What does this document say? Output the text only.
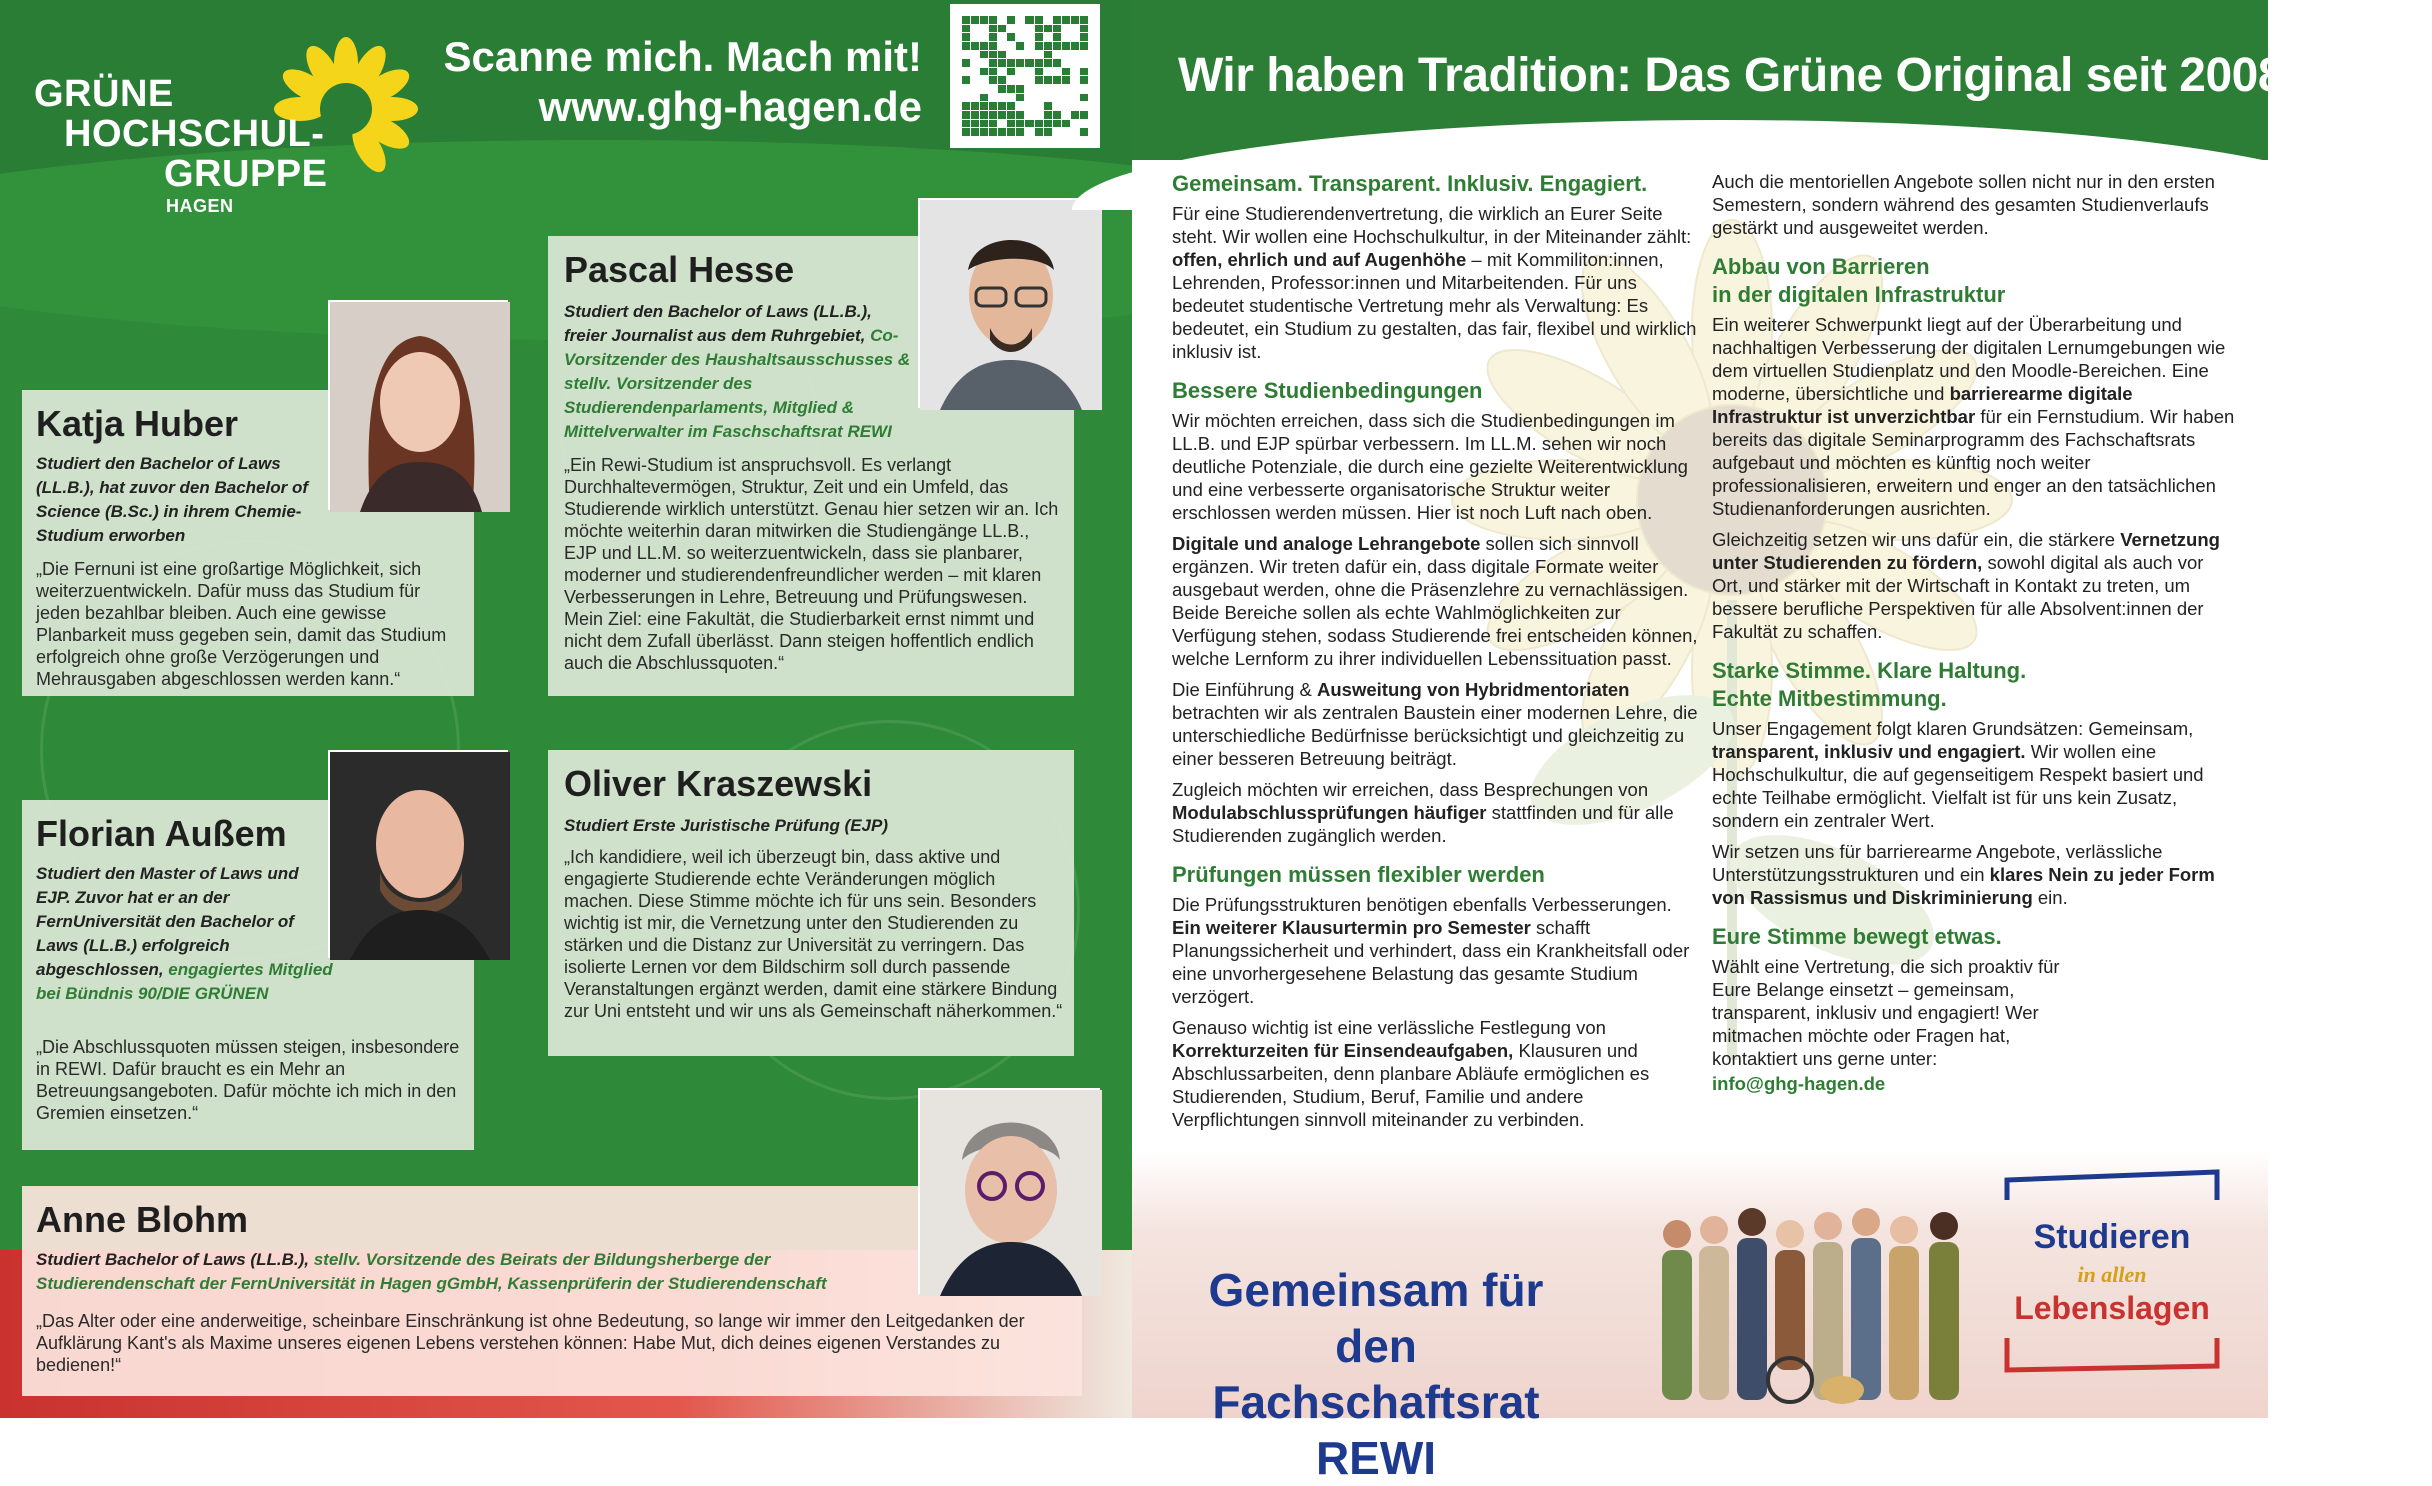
GRÜNE
HOCHSCHUL-
GRUPPE
HAGEN
Scanne mich. Mach mit!
www.ghg-hagen.de
Katja Huber
Studiert den Bachelor of Laws (LL.B.), hat zuvor den Bachelor of Science (B.Sc.) in ihrem Chemie-Studium erworben
„Die Fernuni ist eine großartige Möglichkeit, sich weiterzuentwickeln. Dafür muss das Studium für jeden bezahlbar bleiben. Auch eine gewisse Planbarkeit muss gegeben sein, damit das Studium erfolgreich ohne große Verzögerungen und Mehrausgaben abgeschlossen werden kann.“
Pascal Hesse
Studiert den Bachelor of Laws (LL.B.), freier Journalist aus dem Ruhrgebiet, Co-Vorsitzender des Haushaltsausschusses & stellv. Vorsitzender des Studierendenparlaments, Mitglied & Mittelverwalter im Faschschaftsrat REWI
„Ein Rewi-Studium ist anspruchsvoll. Es verlangt Durchhaltevermögen, Struktur, Zeit und ein Umfeld, das Studierende wirklich unterstützt. Genau hier setzen wir an. Ich möchte weiterhin daran mitwirken die Studiengänge LL.B., EJP und LL.M. so weiterzuentwickeln, dass sie planbarer, moderner und studierendenfreundlicher werden – mit klaren Verbesserungen in Lehre, Betreuung und Prüfungswesen. Mein Ziel: eine Fakultät, die Studierbarkeit ernst nimmt und nicht dem Zufall überlässt. Dann steigen hoffentlich endlich auch die Abschlussquoten.“
Florian Außem
Studiert den Master of Laws und EJP. Zuvor hat er an der FernUniversität den Bachelor of Laws (LL.B.) erfolgreich abgeschlossen, engagiertes Mitglied bei Bündnis 90/DIE GRÜNEN
„Die Abschlussquoten müssen steigen, insbesondere in REWI. Dafür braucht es ein Mehr an Betreuungsangeboten. Dafür möchte ich mich in den Gremien einsetzen.“
Oliver Kraszewski
Studiert Erste Juristische Prüfung (EJP)
„Ich kandidiere, weil ich überzeugt bin, dass aktive und engagierte Studierende echte Veränderungen möglich machen. Diese Stimme möchte ich für uns sein. Besonders wichtig ist mir, die Vernetzung unter den Studierenden zu stärken und die Distanz zur Universität zu verringern. Das isolierte Lernen vor dem Bildschirm soll durch passende Veranstaltungen ergänzt werden, damit eine stärkere Bindung zur Uni entsteht und wir uns als Gemeinschaft näherkommen.“
Anne Blohm
Studiert Bachelor of Laws (LL.B.), stellv. Vorsitzende des Beirats der Bildungsherberge der Studierendenschaft der FernUniversität in Hagen gGmbH, Kassenprüferin der Studierendenschaft
„Das Alter oder eine anderweitige, scheinbare Einschränkung ist ohne Bedeutung, so lange wir immer den Leitgedanken der Aufklärung Kant's als Maxime unseres eigenen Lebens verstehen können: Habe Mut, dich deines eigenen Verstandes zu bedienen!“
Wir haben Tradition: Das Grüne Original seit 2008
Gemeinsam. Transparent. Inklusiv. Engagiert.

Für eine Studierendenvertretung, die wirklich an Eurer Seite steht. Wir wollen eine Hochschulkultur, in der Miteinander zählt: offen, ehrlich und auf Augenhöhe – mit Kommiliton:innen, Lehrenden, Professor:innen und Mitarbeitenden. Für uns bedeutet studentische Vertretung mehr als Verwaltung: Es bedeutet, ein Studium zu gestalten, das fair, flexibel und wirklich inklusiv ist.

Bessere Studienbedingungen

Wir möchten erreichen, dass sich die Studienbedingungen im LL.B. und EJP spürbar verbessern. Im LL.M. sehen wir noch deutliche Potenziale, die durch eine gezielte Weiterentwicklung und eine verbesserte organisatorische Struktur weiter erschlossen werden müssen. Hier ist noch Luft nach oben.

Digitale und analoge Lehrangebote sollen sich sinnvoll ergänzen. Wir treten dafür ein, dass digitale Formate weiter ausgebaut werden, ohne die Präsenzlehre zu vernachlässigen. Beide Bereiche sollen als echte Wahlmöglichkeiten zur Verfügung stehen, sodass Studierende frei entscheiden können, welche Lernform zu ihrer individuellen Lebenssituation passt.

Die Einführung & Ausweitung von Hybridmentoriaten betrachten wir als zentralen Baustein einer modernen Lehre, die unterschiedliche Bedürfnisse berücksichtigt und gleichzeitig zu einer besseren Betreuung beiträgt.

Zugleich möchten wir erreichen, dass Besprechungen von Modulabschlussprüfungen häufiger stattfinden und für alle Studierenden zugänglich werden.

Prüfungen müssen flexibler werden

Die Prüfungsstrukturen benötigen ebenfalls Verbesserungen. Ein weiterer Klausurtermin pro Semester schafft Planungssicherheit und verhindert, dass ein Krankheitsfall oder eine unvorhergesehene Belastung das gesamte Studium verzögert.

Genauso wichtig ist eine verlässliche Festlegung von Korrekturzeiten für Einsendeaufgaben, Klausuren und Abschlussarbeiten, denn planbare Abläufe ermöglichen es Studierenden, Studium, Beruf, Familie und andere Verpflichtungen sinnvoll miteinander zu verbinden.

Auch die mentoriellen Angebote sollen nicht nur in den ersten Semestern, sondern während des gesamten Studienverlaufs gestärkt und ausgeweitet werden.

Abbau von Barrieren
in der digitalen Infrastruktur

Ein weiterer Schwerpunkt liegt auf der Überarbeitung und nachhaltigen Verbesserung der digitalen Lernumgebungen wie dem virtuellen Studienplatz und den Moodle-Bereichen. Eine moderne, übersichtliche und barrierearme digitale Infrastruktur ist unverzichtbar für ein Fernstudium. Wir haben bereits das digitale Seminarprogramm des Fachschaftsrats aufgebaut und möchten es künftig noch weiter professionalisieren, erweitern und enger an den tatsächlichen Studienanforderungen ausrichten.

Gleichzeitig setzen wir uns dafür ein, die stärkere Vernetzung unter Studierenden zu fördern, sowohl digital als auch vor Ort, und stärker mit der Wirtschaft in Kontakt zu treten, um bessere berufliche Perspektiven für alle Absolvent:innen der Fakultät zu schaffen.

Starke Stimme. Klare Haltung.
Echte Mitbestimmung.

Unser Engagement folgt klaren Grundsätzen: Gemeinsam, transparent, inklusiv und engagiert. Wir wollen eine Hochschulkultur, die auf gegenseitigem Respekt basiert und echte Teilhabe ermöglicht. Vielfalt ist für uns kein Zusatz, sondern ein zentraler Wert.

Wir setzen uns für barrierearme Angebote, verlässliche Unterstützungsstrukturen und ein klares Nein zu jeder Form von Rassismus und Diskriminierung ein.

Eure Stimme bewegt etwas.

Wählt eine Vertretung, die sich proaktiv für Eure Belange einsetzt – gemeinsam, transparent, inklusiv und engagiert! Wer mitmachen möchte oder Fragen hat, kontaktiert uns gerne unter:

info@ghg-hagen.de

Gemeinsam für den
Fachschaftsrat REWI
Studieren
in allen
Lebenslagen
